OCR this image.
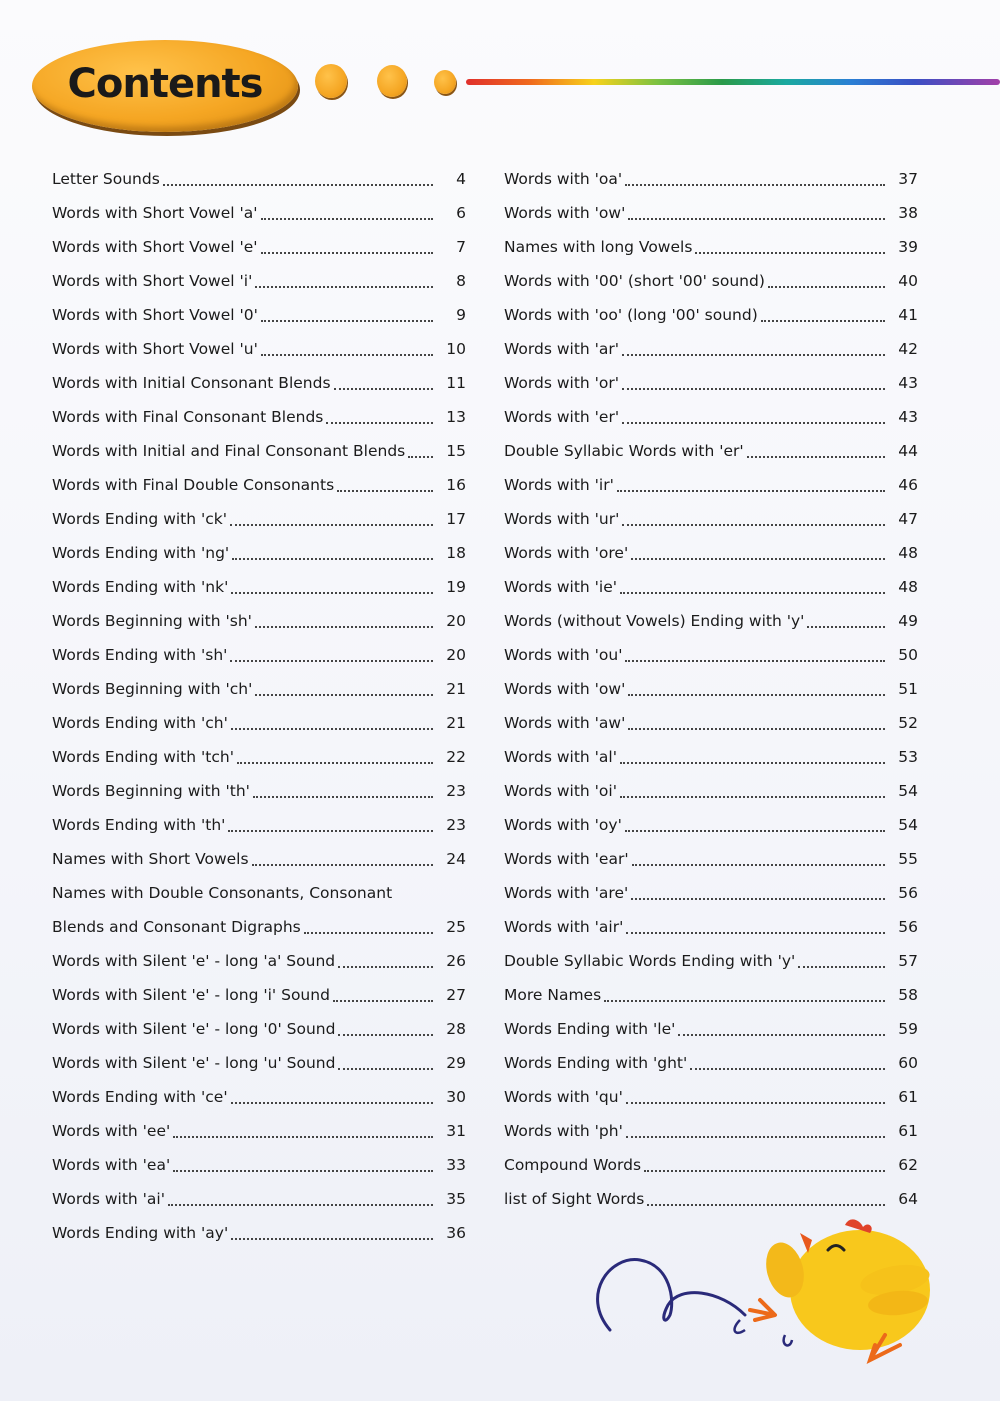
Contents
Letter Sounds	4
Words with Short Vowel 'a'	6
Words with Short Vowel 'e'	7
Words with Short Vowel 'i'	8
Words with Short Vowel '0'	9
Words with Short Vowel 'u'	10
Words with Initial Consonant Blends	11
Words with Final Consonant Blends	13
Words with Initial and Final Consonant Blends	15
Words with Final Double Consonants	16
Words Ending with 'ck'	17
Words Ending with 'ng'	18
Words Ending with 'nk'	19
Words Beginning with 'sh'	20
Words Ending with 'sh'	20
Words Beginning with 'ch'	21
Words Ending with 'ch'	21
Words Ending with 'tch'	22
Words Beginning with 'th'	23
Words Ending with 'th'	23
Names with Short Vowels	24
Names with Double Consonants, Consonant
Blends and Consonant Digraphs	25
Words with Silent 'e' - long 'a' Sound	26
Words with Silent 'e' - long 'i' Sound	27
Words with Silent 'e' - long '0' Sound	28
Words with Silent 'e' - long 'u' Sound	29
Words Ending with 'ce'	30
Words with 'ee'	31
Words with 'ea'	33
Words with 'ai'	35
Words Ending with 'ay'	36
Words with 'oa'	37
Words with 'ow'	38
Names with long Vowels	39
Words with '00' (short '00' sound)	40
Words with 'oo' (long '00' sound)	41
Words with 'ar'	42
Words with 'or'	43
Words with 'er'	43
Double Syllabic Words with 'er'	44
Words with 'ir'	46
Words with 'ur'	47
Words with 'ore'	48
Words with 'ie'	48
Words (without Vowels) Ending with 'y'	49
Words with 'ou'	50
Words with 'ow'	51
Words with 'aw'	52
Words with 'al'	53
Words with 'oi'	54
Words with 'oy'	54
Words with 'ear'	55
Words with 'are'	56
Words with 'air'	56
Double Syllabic Words Ending with 'y'	57
More Names	58
Words Ending with 'le'	59
Words Ending with 'ght'	60
Words with 'qu'	61
Words with 'ph'	61
Compound Words	62
list of Sight Words	64
